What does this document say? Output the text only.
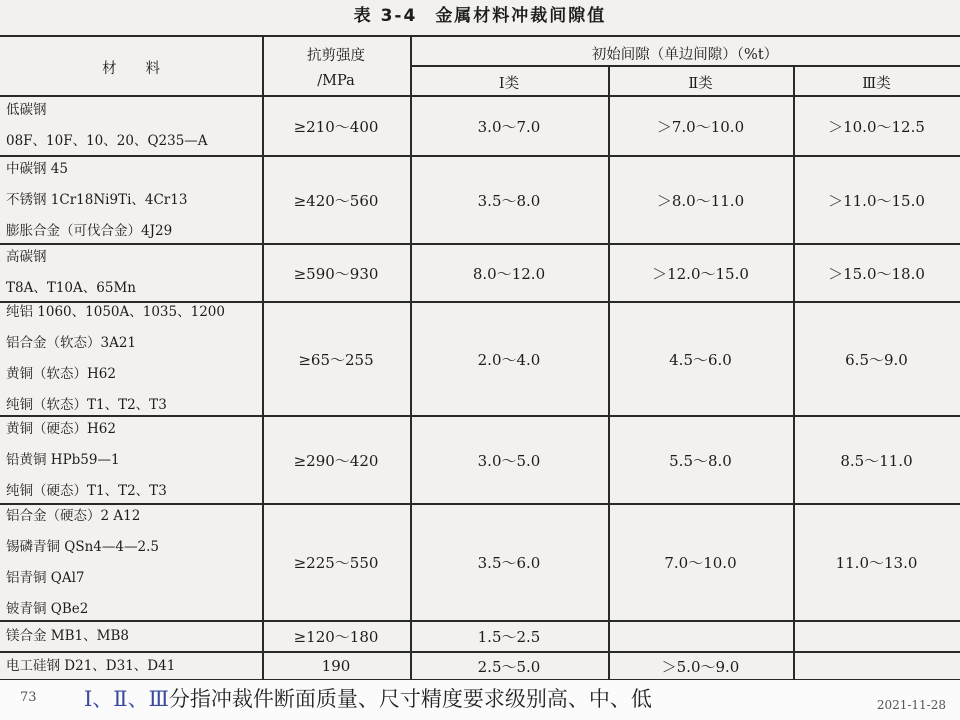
表 3-4 金属材料冲裁间隙值
材　　料
抗剪强度
/MPa
初始间隙（单边间隙）（%t）
Ⅰ类	Ⅱ类	Ⅲ类
低碳钢
08F、10F、10、20、Q235—A
≥210～400	3.0～7.0	＞7.0～10.0	＞10.0～12.5
中碳钢 45
不锈钢 1Cr18Ni9Ti、4Cr13
膨胀合金（可伐合金）4J29
≥420～560	3.5～8.0	＞8.0～11.0	＞11.0～15.0
高碳钢
T8A、T10A、65Mn
≥590～930	8.0～12.0	＞12.0～15.0	＞15.0～18.0
纯铝 1060、1050A、1035、1200
铝合金（软态）3A21
黄铜（软态）H62
纯铜（软态）T1、T2、T3
≥65～255	2.0～4.0	4.5～6.0	6.5～9.0
黄铜（硬态）H62
铅黄铜 HPb59—1
纯铜（硬态）T1、T2、T3
≥290～420	3.0～5.0	5.5～8.0	8.5～11.0
铝合金（硬态）2 A12
锡磷青铜 QSn4—4—2.5
铝青铜 QAl7
铍青铜 QBe2
≥225～550	3.5～6.0	7.0～10.0	11.0～13.0
镁合金 MB1、MB8	≥120～180	1.5～2.5
电工硅钢 D21、D31、D41	190	2.5～5.0	＞5.0～9.0
73 Ⅰ、Ⅱ、Ⅲ分指冲裁件断面质量、尺寸精度要求级别高、中、低	2021-11-28
